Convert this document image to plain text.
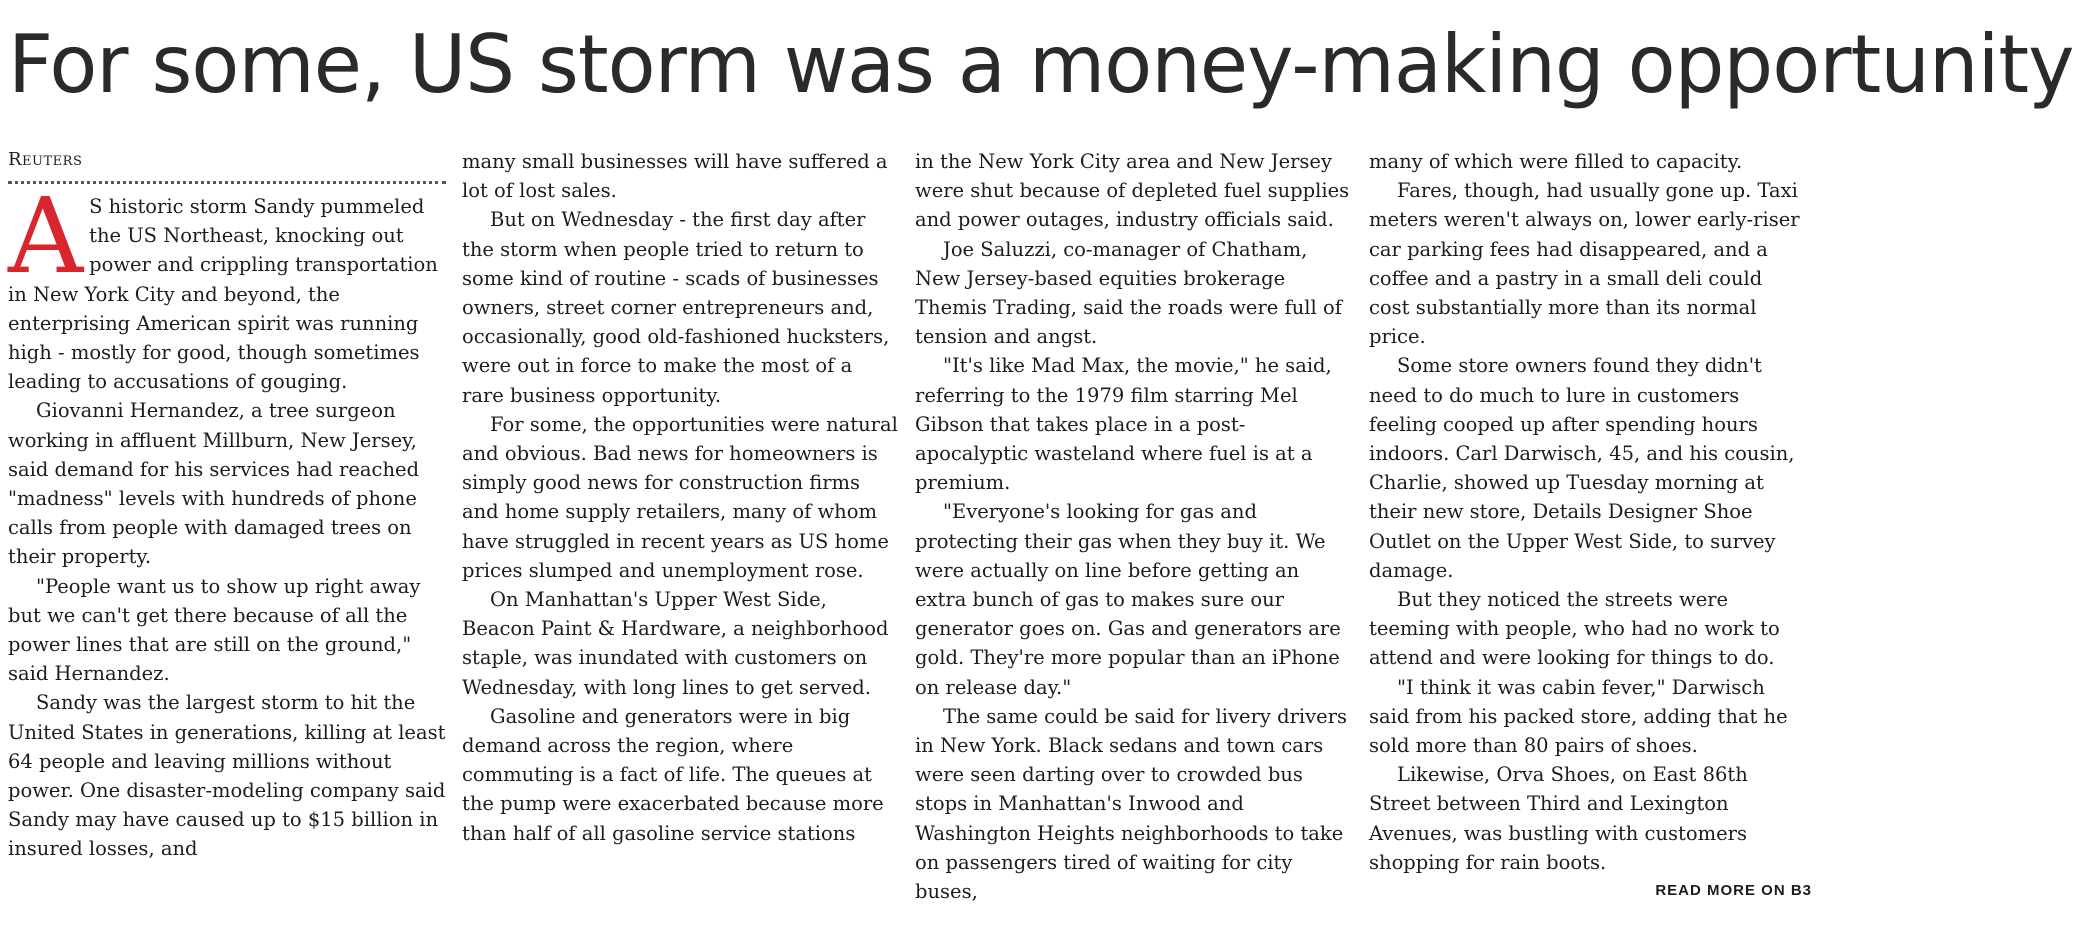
For some, US storm was a money-making opportunity
Reuters

A S historic storm Sandy pummeled the US Northeast, knocking out power and crippling transportation in New York City and beyond, the enterprising American spirit was running high - mostly for good, though sometimes leading to accusations of gouging.

Giovanni Hernandez, a tree surgeon working in affluent Millburn, New Jersey, said demand for his services had reached "madness" levels with hundreds of phone calls from people with damaged trees on their property.

"People want us to show up right away but we can't get there because of all the power lines that are still on the ground," said Hernandez.

Sandy was the largest storm to hit the United States in generations, killing at least 64 people and leaving millions without power. One disaster-modeling company said Sandy may have caused up to $15 billion in insured losses, and

many small businesses will have suffered a lot of lost sales.

But on Wednesday - the first day after the storm when people tried to return to some kind of routine - scads of businesses owners, street corner entrepreneurs and, occasionally, good old-fashioned hucksters, were out in force to make the most of a rare business opportunity.

For some, the opportunities were natural and obvious. Bad news for homeowners is simply good news for construction firms and home supply retailers, many of whom have struggled in recent years as US home prices slumped and unemployment rose.

On Manhattan's Upper West Side, Beacon Paint & Hardware, a neighborhood staple, was inundated with customers on Wednesday, with long lines to get served.

Gasoline and generators were in big demand across the region, where commuting is a fact of life. The queues at the pump were exacerbated because more than half of all gasoline service stations

in the New York City area and New Jersey were shut because of depleted fuel supplies and power outages, industry officials said.

Joe Saluzzi, co-manager of Chatham, New Jersey-based equities brokerage Themis Trading, said the roads were full of tension and angst.

"It's like Mad Max, the movie," he said, referring to the 1979 film starring Mel Gibson that takes place in a post-apocalyptic wasteland where fuel is at a premium.

"Everyone's looking for gas and protecting their gas when they buy it. We were actually on line before getting an extra bunch of gas to makes sure our generator goes on. Gas and generators are gold. They're more popular than an iPhone on release day."

The same could be said for livery drivers in New York. Black sedans and town cars were seen darting over to crowded bus stops in Manhattan's Inwood and Washington Heights neighborhoods to take on passengers tired of waiting for city buses,

many of which were filled to capacity.

Fares, though, had usually gone up. Taxi meters weren't always on, lower early-riser car parking fees had disappeared, and a coffee and a pastry in a small deli could cost substantially more than its normal price.

Some store owners found they didn't need to do much to lure in customers feeling cooped up after spending hours indoors. Carl Darwisch, 45, and his cousin, Charlie, showed up Tuesday morning at their new store, Details Designer Shoe Outlet on the Upper West Side, to survey damage.

But they noticed the streets were teeming with people, who had no work to attend and were looking for things to do.

"I think it was cabin fever," Darwisch said from his packed store, adding that he sold more than 80 pairs of shoes.

Likewise, Orva Shoes, on East 86th Street between Third and Lexington Avenues, was bustling with customers shopping for rain boots.

READ MORE ON B3
